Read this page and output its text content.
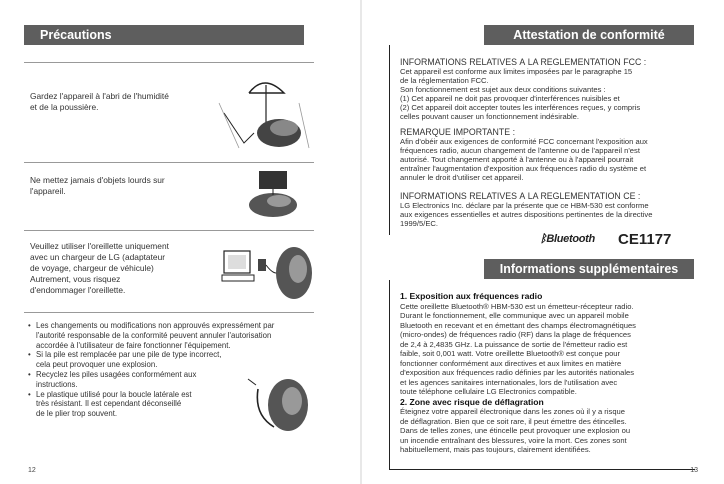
Précautions
Gardez l'appareil à l'abri de l'humidité
et de la poussière.
Ne mettez jamais d'objets lourds sur
l'appareil.
Veuillez utiliser l'oreillette uniquement
avec un chargeur de LG (adaptateur
de voyage, chargeur de véhicule)
Autrement, vous risquez
d'endommager l'oreillette.
• Les changements ou modifications non approuvés expressément par
l'autorité responsable de la conformité peuvent annuler l'autorisation
accordée à l'utilisateur de faire fonctionner l'équipement.
• Si la pile est remplacée par une pile de type incorrect,
cela peut provoquer une explosion.
• Recyclez les piles usagées conformément aux
instructions.
• Le plastique utilisé pour la boucle latérale est
très résistant. Il est cependant déconseillé
de le plier trop souvent.
12
Attestation de conformité
INFORMATIONS RELATIVES À LA RÉGLEMENTATION FCC :
Cet appareil est conforme aux limites imposées par le paragraphe 15
de la réglementation FCC.
Son fonctionnement est sujet aux deux conditions suivantes :
(1) Cet appareil ne doit pas provoquer d'interférences nuisibles et
(2) Cet appareil doit accepter toutes les interférences reçues, y compris
celles pouvant causer un fonctionnement indésirable.
REMARQUE IMPORTANTE :
Afin d'obéir aux exigences de conformité FCC concernant l'exposition aux
fréquences radio, aucun changement de l'antenne ou de l'appareil n'est
autorisé. Tout changement apporté à l'antenne ou à l'appareil pourrait
entraîner l'augmentation d'exposition aux fréquences radio du système et
annuler le droit d'utiliser cet appareil.
INFORMATIONS RELATIVES À LA RÉGLEMENTATION CE :
LG Electronics Inc. déclare par la présente que ce HBM-530 est conforme
aux exigences essentielles et autres dispositions pertinentes de la directive
1999/5/EC.
ᛒBluetooth CE1177
Informations supplémentaires
1. Exposition aux fréquences radio
Cette oreillette Bluetooth® HBM-530 est un émetteur-récepteur radio.
Durant le fonctionnement, elle communique avec un appareil mobile
Bluetooth en recevant et en émettant des champs électromagnétiques
(micro-ondes) de fréquences radio (RF) dans la plage de fréquences
de 2,4 à 2,4835 GHz. La puissance de sortie de l'émetteur radio est
faible, soit 0,001 watt. Votre oreillette Bluetooth® est conçue pour
fonctionner conformément aux directives et aux limites en matière
d'exposition aux fréquences radio définies par les autorités nationales
et les agences sanitaires internationales, lors de l'utilisation avec
toute téléphone cellulaire LG Electronics compatible.
2. Zone avec risque de déflagration
Éteignez votre appareil électronique dans les zones où il y a risque
de déflagration. Bien que ce soit rare, il peut émettre des étincelles.
Dans de telles zones, une étincelle peut provoquer une explosion ou
un incendie entraînant des blessures, voire la mort. Ces zones sont
habituellement, mais pas toujours, clairement identifiées.
13
